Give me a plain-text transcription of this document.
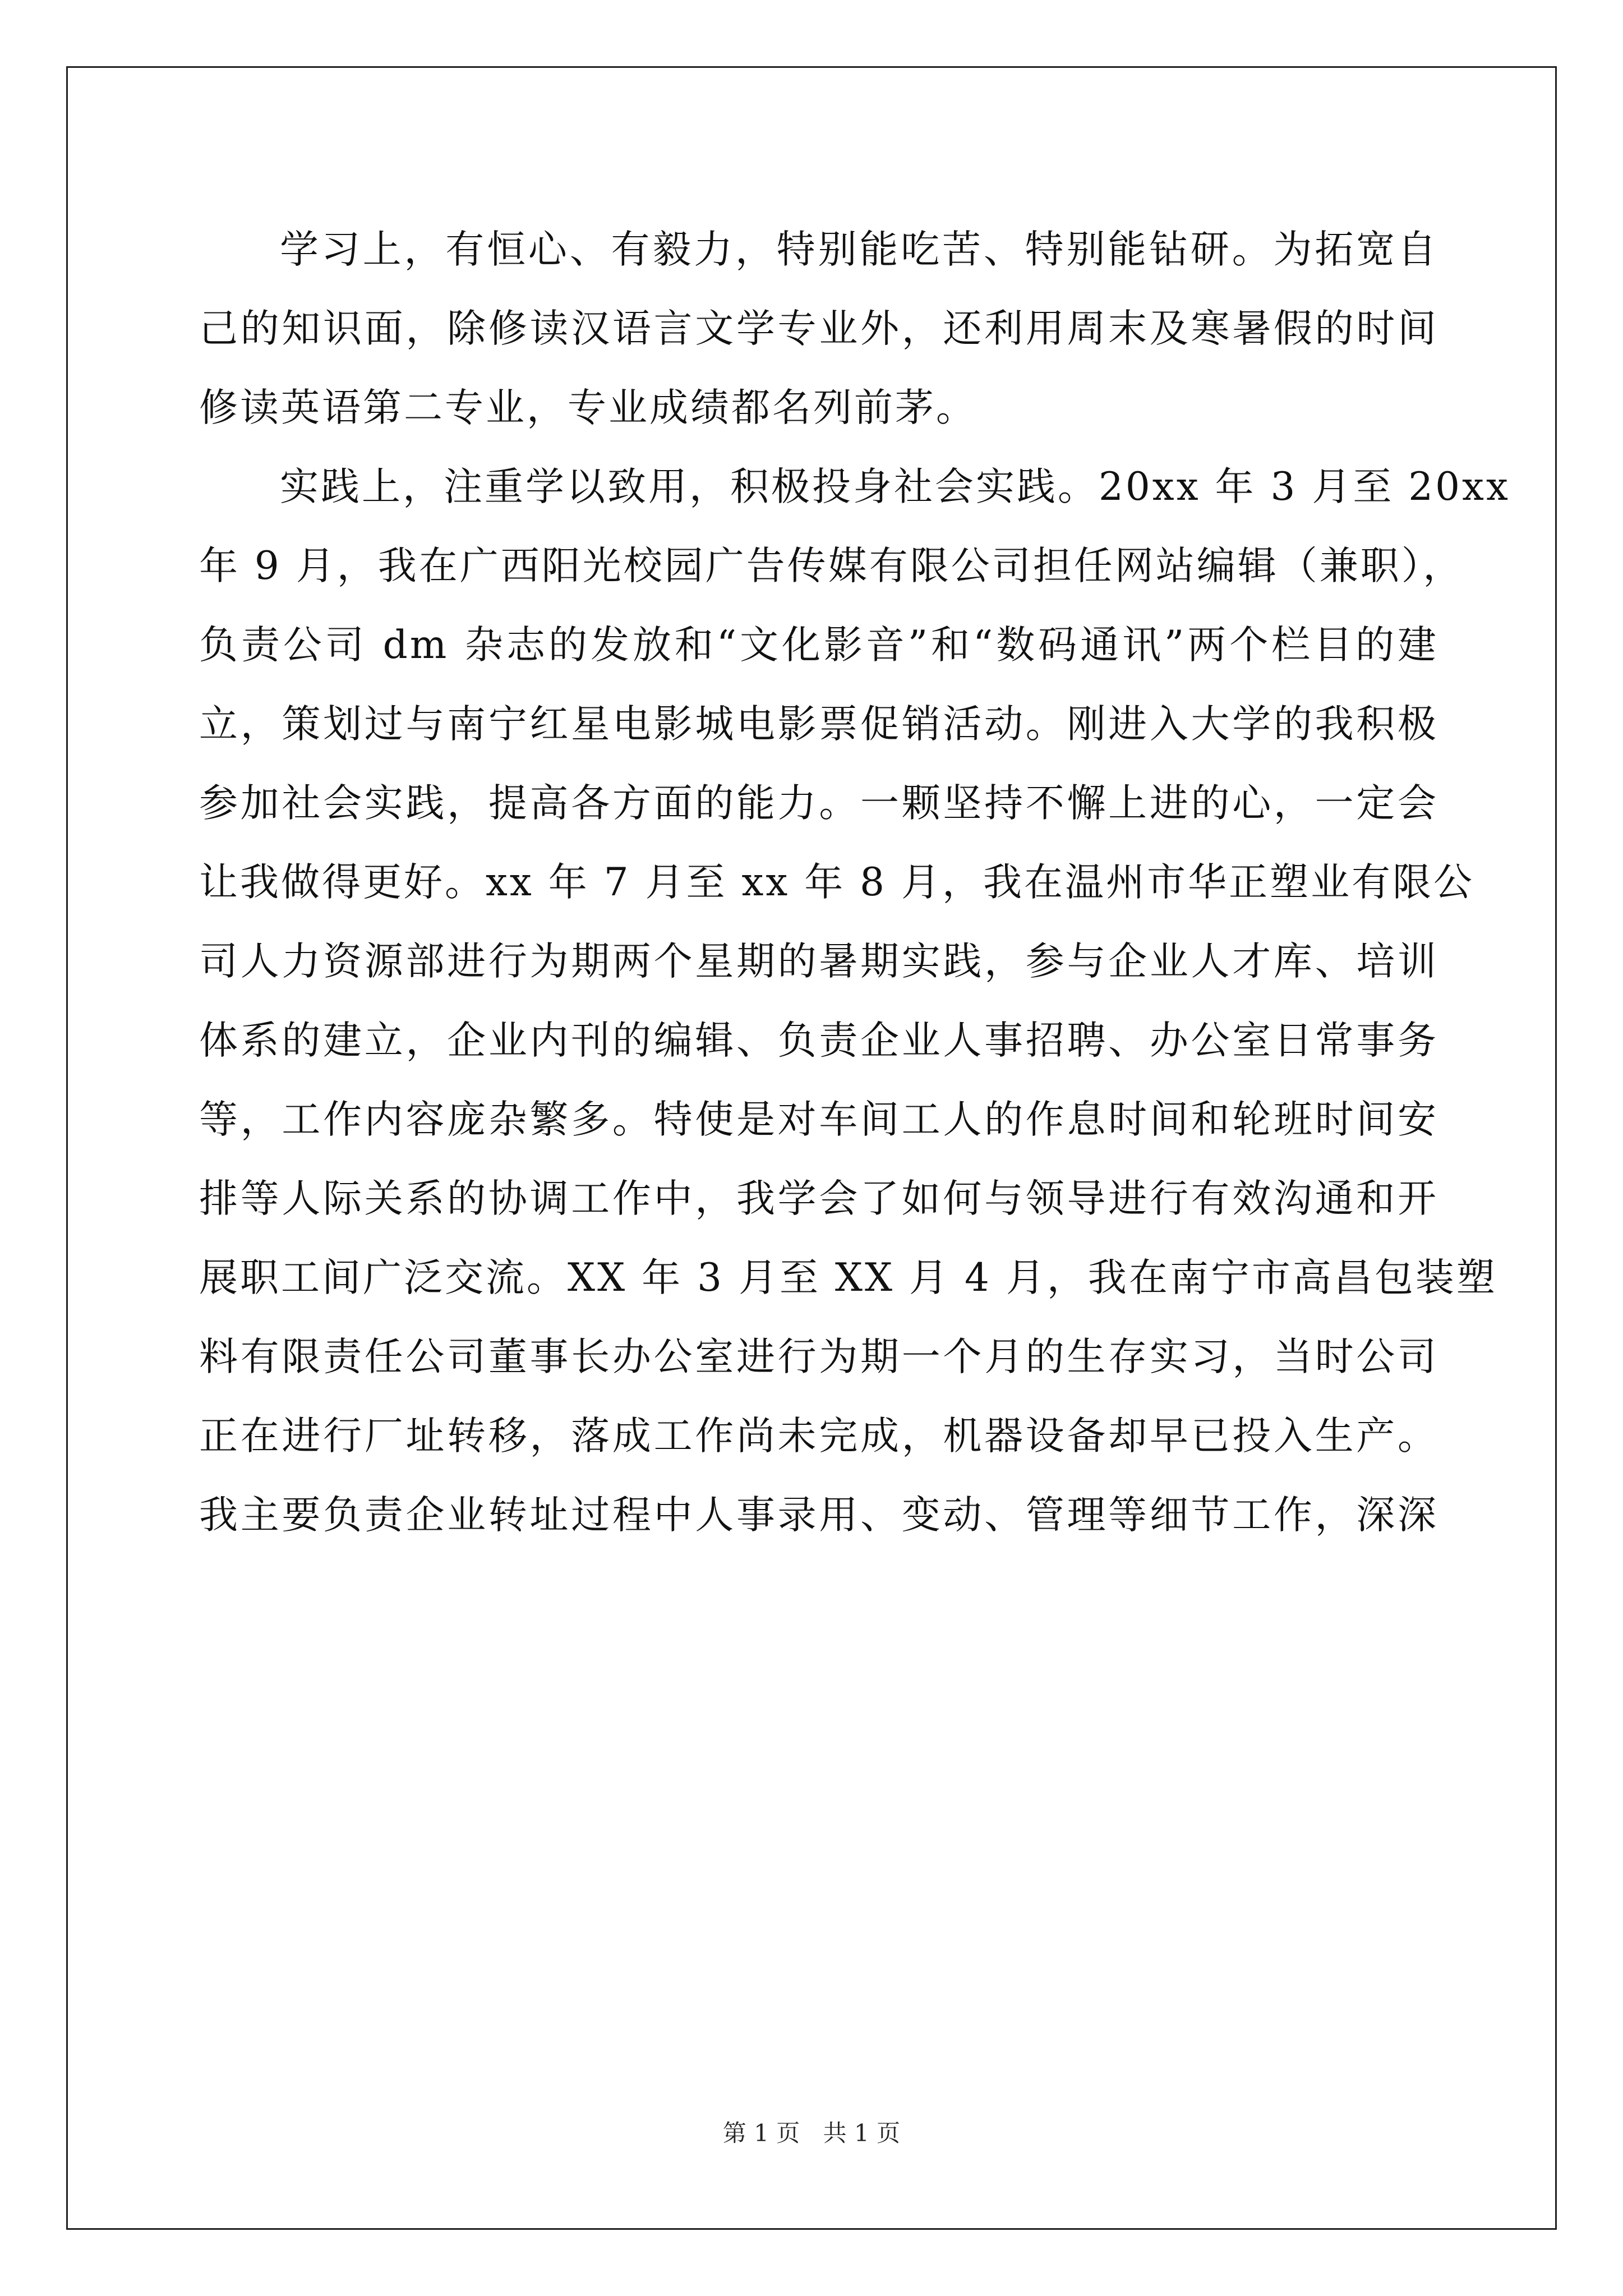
学习上，有恒心、有毅力，特别能吃苦、特别能钻研。为拓宽自
己的知识面，除修读汉语言文学专业外，还利用周末及寒暑假的时间
修读英语第二专业，专业成绩都名列前茅。
实践上，注重学以致用，积极投身社会实践。20xx 年 3 月至 20xx
年 9 月，我在广西阳光校园广告传媒有限公司担任网站编辑（兼职），
负责公司 dm 杂志的发放和“文化影音”和“数码通讯”两个栏目的建
立，策划过与南宁红星电影城电影票促销活动。刚进入大学的我积极
参加社会实践，提高各方面的能力。一颗坚持不懈上进的心，一定会
让我做得更好。xx 年 7 月至 xx 年 8 月，我在温州市华正塑业有限公
司人力资源部进行为期两个星期的暑期实践，参与企业人才库、培训
体系的建立，企业内刊的编辑、负责企业人事招聘、办公室日常事务
等，工作内容庞杂繁多。特使是对车间工人的作息时间和轮班时间安
排等人际关系的协调工作中，我学会了如何与领导进行有效沟通和开
展职工间广泛交流。XX 年 3 月至 XX 月 4 月，我在南宁市高昌包装塑
料有限责任公司董事长办公室进行为期一个月的生存实习，当时公司
正在进行厂址转移，落成工作尚未完成，机器设备却早已投入生产。
我主要负责企业转址过程中人事录用、变动、管理等细节工作，深深
第 1 页 共 1 页
